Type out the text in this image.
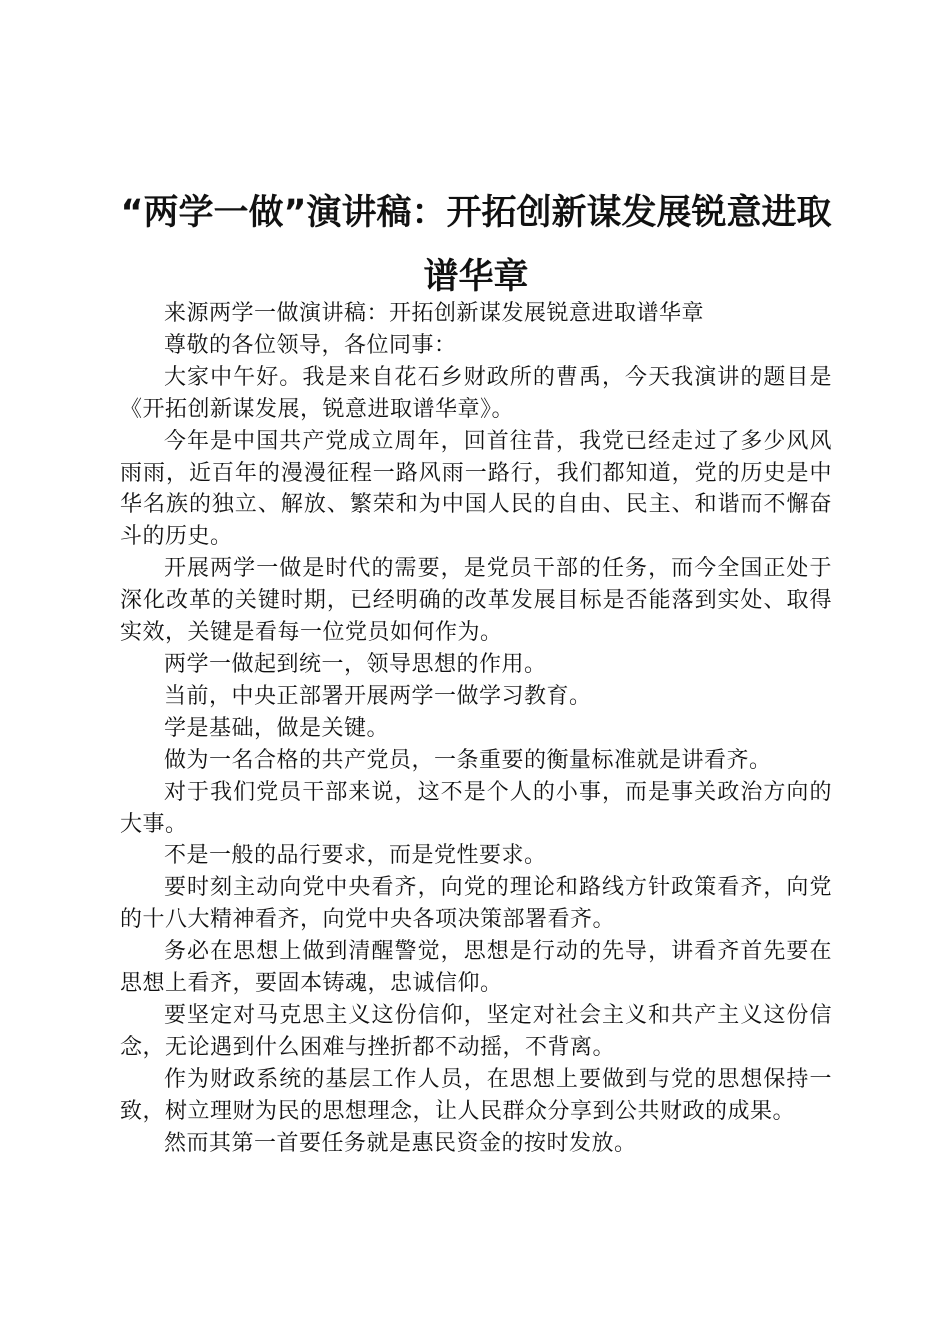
“两学一做”演讲稿：开拓创新谋发展锐意进取谱华章

来源两学一做演讲稿：开拓创新谋发展锐意进取谱华章

尊敬的各位领导，各位同事：

大家中午好。我是来自花石乡财政所的曹禹，今天我演讲的题目是《开拓创新谋发展，锐意进取谱华章》。

今年是中国共产党成立周年，回首往昔，我党已经走过了多少风风雨雨，近百年的漫漫征程一路风雨一路行，我们都知道，党的历史是中华名族的独立、解放、繁荣和为中国人民的自由、民主、和谐而不懈奋斗的历史。

开展两学一做是时代的需要，是党员干部的任务，而今全国正处于深化改革的关键时期，已经明确的改革发展目标是否能落到实处、取得实效，关键是看每一位党员如何作为。

两学一做起到统一，领导思想的作用。

当前，中央正部署开展两学一做学习教育。

学是基础，做是关键。

做为一名合格的共产党员，一条重要的衡量标准就是讲看齐。

对于我们党员干部来说，这不是个人的小事，而是事关政治方向的大事。

不是一般的品行要求，而是党性要求。

要时刻主动向党中央看齐，向党的理论和路线方针政策看齐，向党的十八大精神看齐，向党中央各项决策部署看齐。

务必在思想上做到清醒警觉，思想是行动的先导，讲看齐首先要在思想上看齐，要固本铸魂，忠诚信仰。

要坚定对马克思主义这份信仰，坚定对社会主义和共产主义这份信念，无论遇到什么困难与挫折都不动摇，不背离。

作为财政系统的基层工作人员，在思想上要做到与党的思想保持一致，树立理财为民的思想理念，让人民群众分享到公共财政的成果。

然而其第一首要任务就是惠民资金的按时发放。
